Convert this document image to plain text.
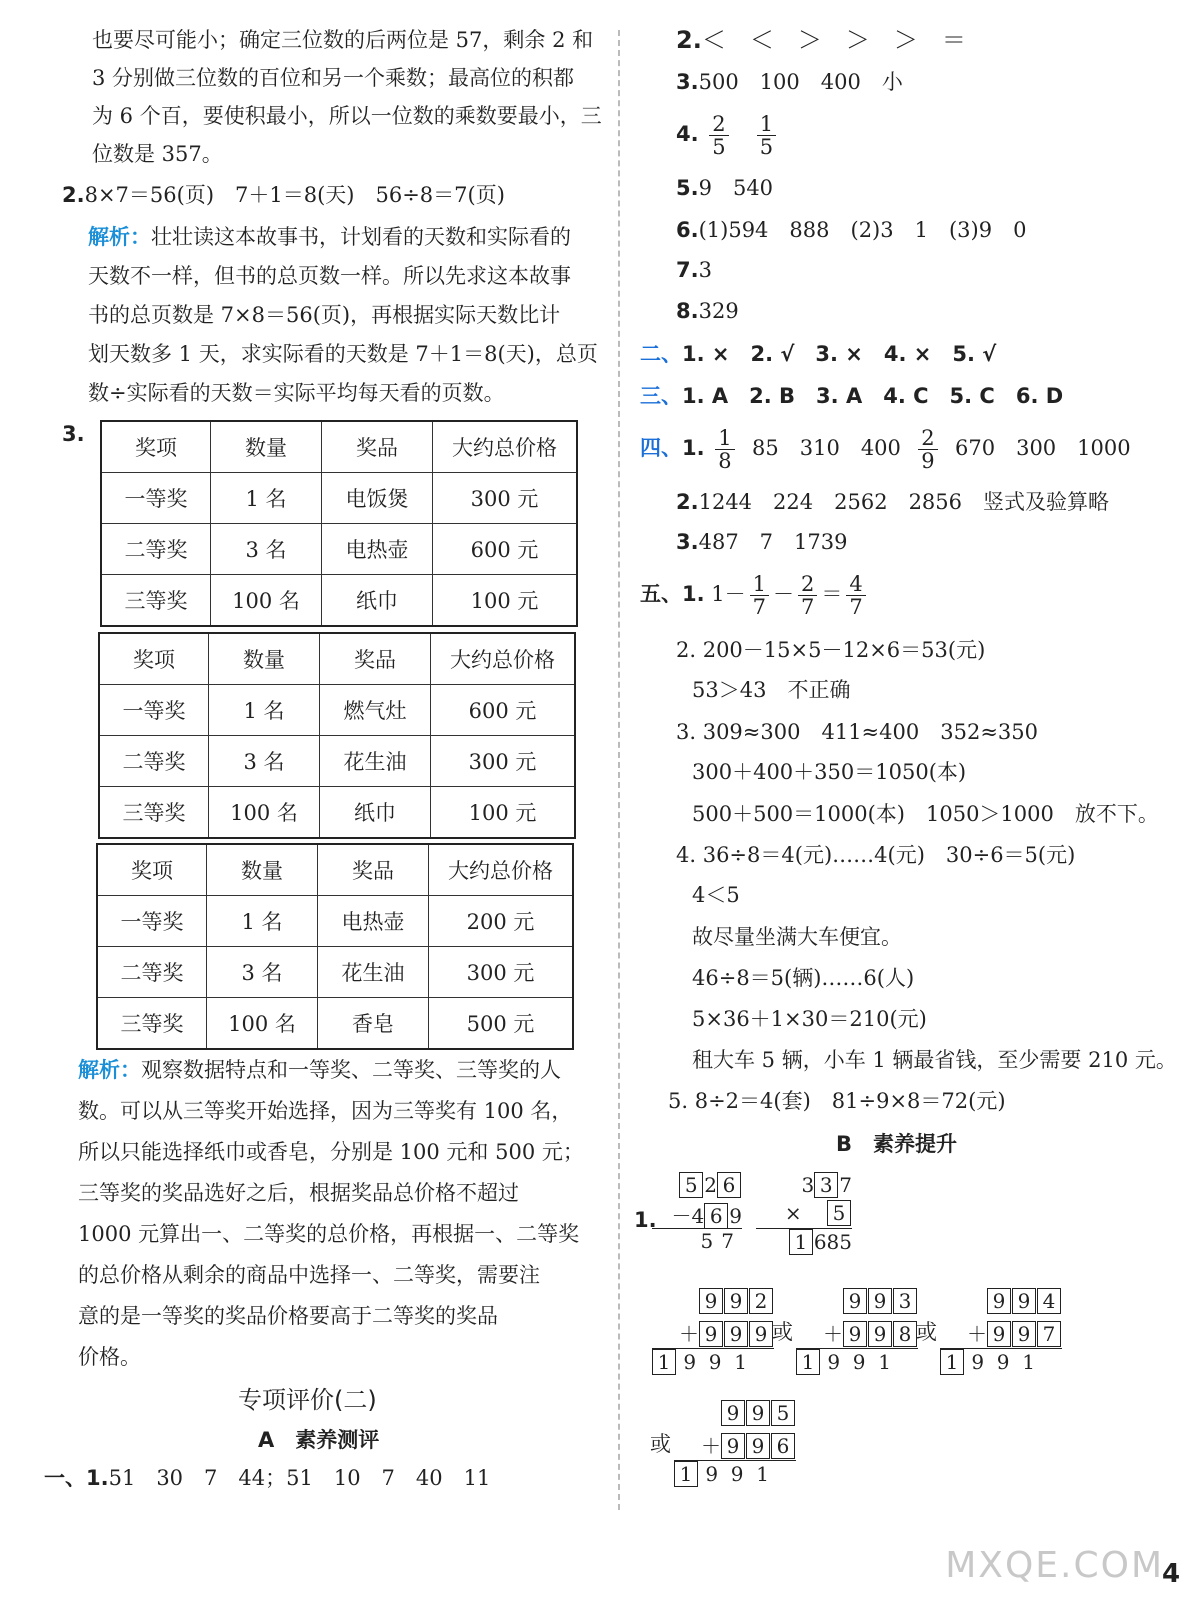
也要尽可能小；确定三位数的后两位是 57，剩余 2 和
3 分别做三位数的百位和另一个乘数；最高位的积都
为 6 个百，要使积最小，所以一位数的乘数要最小，三
位数是 357。
2.8×7＝56(页)　7＋1＝8(天)　56÷8＝7(页)
解析：壮壮读这本故事书，计划看的天数和实际看的
天数不一样，但书的总页数一样。所以先求这本故事
书的总页数是 7×8＝56(页)，再根据实际天数比计
划天数多 1 天，求实际看的天数是 7＋1＝8(天)，总页
数÷实际看的天数＝实际平均每天看的页数。
3.
奖项	数量	奖品	大约总价格
一等奖	1 名	电饭煲	300 元
二等奖	3 名	电热壶	600 元
三等奖	100 名	纸巾	100 元
奖项	数量	奖品	大约总价格
一等奖	1 名	燃气灶	600 元
二等奖	3 名	花生油	300 元
三等奖	100 名	纸巾	100 元
奖项	数量	奖品	大约总价格
一等奖	1 名	电热壶	200 元
二等奖	3 名	花生油	300 元
三等奖	100 名	香皂	500 元
解析：观察数据特点和一等奖、二等奖、三等奖的人
数。可以从三等奖开始选择，因为三等奖有 100 名，
所以只能选择纸巾或香皂，分别是 100 元和 500 元；
三等奖的奖品选好之后，根据奖品总价格不超过
1000 元算出一、二等奖的总价格，再根据一、二等奖
的总价格从剩余的商品中选择一、二等奖，需要注
意的是一等奖的奖品价格要高于二等奖的奖品
价格。
专项评价(二)
A　素养测评
一、1.51　30　7　44；51　10　7　40　11
2.＜　＜　＞　＞　＞　＝
3.500　100　400　小
4. $\frac{2}{5}$
$\frac{1}{5}$
5.9　540
6.(1)594　888　(2)3　1　(3)9　0
7.3
8.329
二、1. ×　2. √　3. ×　4. ×　5. √
三、1. A　2. B　3. A　4. C　5. C　6. D
四、1. $\frac{1}{8} 85$　310　$400 \frac{2}{9} 670$　300　1000
2.1244　224　2562　2856　竖式及验算略
3.487　7　1739
五、1. $1- \frac{1}{7} - \frac{2}{7} = \frac{4}{7}$
2. 200－15×5－12×6＝53(元)
53＞43　不正确
3. 309≈300　411≈400　352≈350
300＋400＋350＝1050(本)
500＋500＝1000(本)　1050＞1000　放不下。
4. 36÷8＝4(元)……4(元)　30÷6＝5(元)
4＜5
故尽量坐满大车便宜。
46÷8＝5(辆)……6(人)
5×36＋1×30＝210(元)
租大车 5 辆，小车 1 辆最省钱，至少需要 210 元。
5. 8÷2＝4(套)　81÷9×8＝72(元)
B　素养提升
1.
5 2 6
－4 6 9
57
3 3 7
×    5
1 685
9 9 2
＋ 9 9 9
1 9  9  1
或
9 9 3
＋ 9 9 8
1 9  9  1
或
9 9 4
＋ 9 9 7
1 9  9  1
或
9 9 5
＋ 9 9 6
1 9  9  1
MXQE.COM
4
